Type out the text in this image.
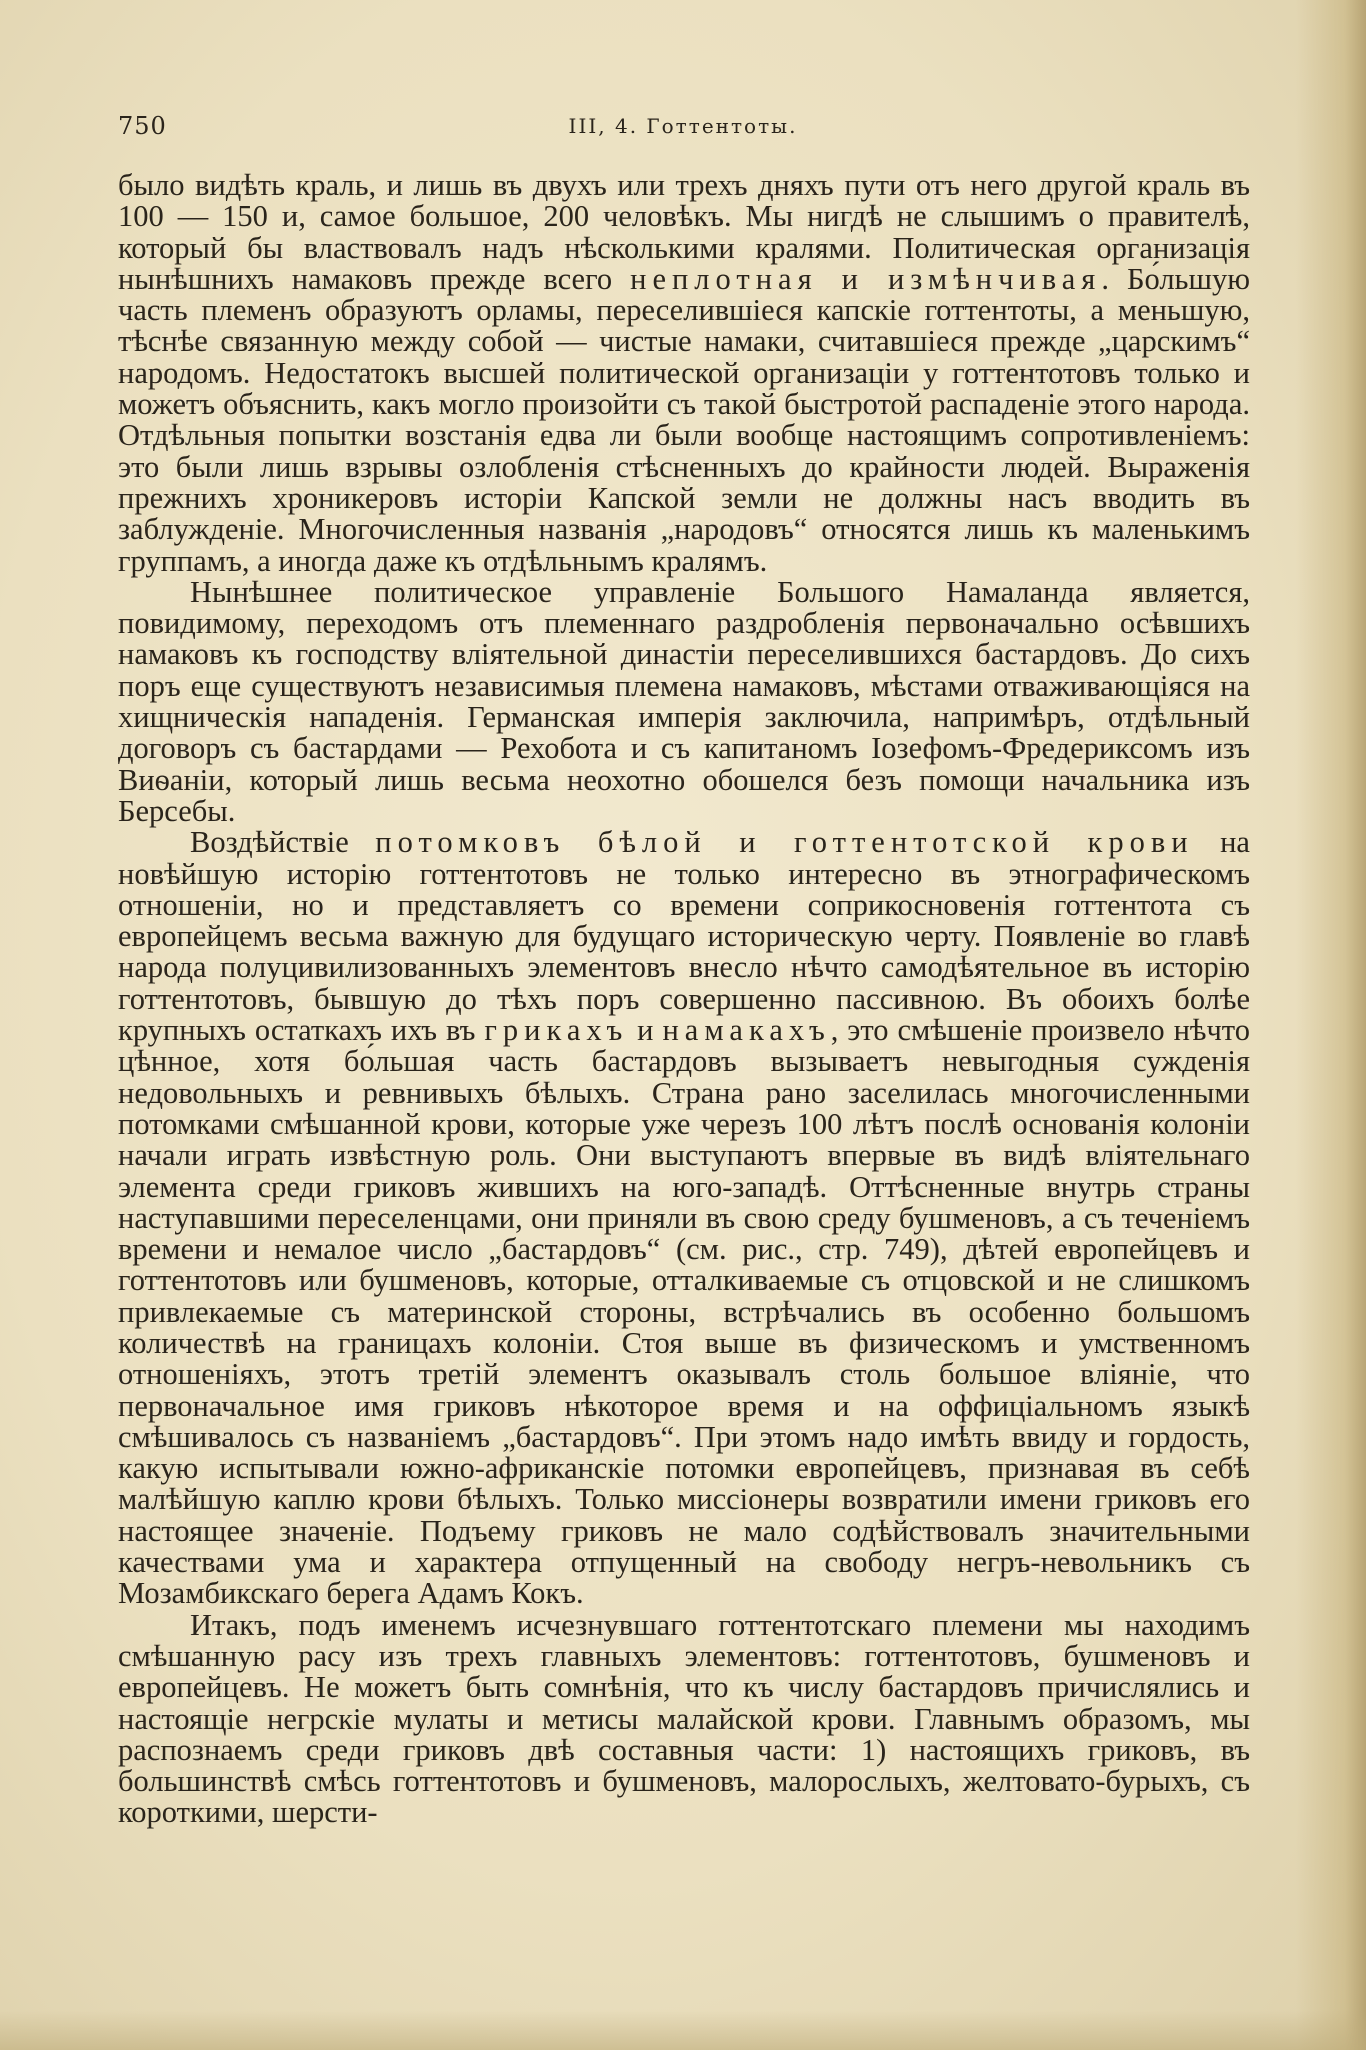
750	III, 4. Готтентоты.

было видѣть краль, и лишь въ двухъ или трехъ дняхъ пути отъ него другой краль въ 100 — 150 и, самое большое, 200 человѣкъ. Мы нигдѣ не слышимъ о правителѣ, который бы властвовалъ надъ нѣсколькими кралями. Политическая организація нынѣшнихъ намаковъ прежде всего неплотная и измѣнчивая. Бо́льшую часть племенъ образуютъ орламы, переселившіеся капскіе готтентоты, а меньшую, тѣснѣе связанную между собой — чистые намаки, считавшіеся прежде „царскимъ“ народомъ. Недостатокъ высшей политической организаціи у готтентотовъ только и можетъ объяснить, какъ могло произойти съ такой быстротой распаденіе этого народа. Отдѣльныя попытки возстанія едва ли были вообще настоящимъ сопротивленіемъ: это были лишь взрывы озлобленія стѣсненныхъ до крайности людей. Выраженія прежнихъ хроникеровъ исторіи Капской земли не должны насъ вводить въ заблужденіе. Многочисленныя названія „народовъ“ относятся лишь къ маленькимъ группамъ, а иногда даже къ отдѣльнымъ кралямъ.

Нынѣшнее политическое управленіе Большого Намаланда является, повидимому, переходомъ отъ племеннаго раздробленія первоначально осѣвшихъ намаковъ къ господству вліятельной династіи переселившихся бастардовъ. До сихъ поръ еще существуютъ независимыя племена намаковъ, мѣстами отваживающіяся на хищническія нападенія. Германская имперія заключила, напримѣръ, отдѣльный договоръ съ бастардами — Рехобота и съ капитаномъ Іозефомъ-Фредериксомъ изъ Виѳаніи, который лишь весьма неохотно обошелся безъ помощи начальника изъ Берсебы.

Воздѣйствіе потомковъ бѣлой и готтентотской крови на новѣйшую исторію готтентотовъ не только интересно въ этнографическомъ отношеніи, но и представляетъ со времени соприкосновенія готтентота съ европейцемъ весьма важную для будущаго историческую черту. Появленіе во главѣ народа полуцивилизованныхъ элементовъ внесло нѣчто самодѣятельное въ исторію готтентотовъ, бывшую до тѣхъ поръ совершенно пассивною. Въ обоихъ болѣе крупныхъ остаткахъ ихъ въ грикахъ и намакахъ, это смѣшеніе произвело нѣчто цѣнное, хотя бо́льшая часть бастардовъ вызываетъ невыгодныя сужденія недовольныхъ и ревнивыхъ бѣлыхъ. Страна рано заселилась многочисленными потомками смѣшанной крови, которые уже черезъ 100 лѣтъ послѣ основанія колоніи начали играть извѣстную роль. Они выступаютъ впервые въ видѣ вліятельнаго элемента среди гриковъ жившихъ на юго-западѣ. Оттѣсненные внутрь страны наступавшими переселенцами, они приняли въ свою среду бушменовъ, а съ теченіемъ времени и немалое число „бастардовъ“ (см. рис., стр. 749), дѣтей европейцевъ и готтентотовъ или бушменовъ, которые, отталкиваемые съ отцовской и не слишкомъ привлекаемые съ материнской стороны, встрѣчались въ особенно большомъ количествѣ на границахъ колоніи. Стоя выше въ физическомъ и умственномъ отношеніяхъ, этотъ третій элементъ оказывалъ столь большое вліяніе, что первоначальное имя гриковъ нѣкоторое время и на оффиціальномъ языкѣ смѣшивалось съ названіемъ „бастардовъ“. При этомъ надо имѣть ввиду и гордость, какую испытывали южно-африканскіе потомки европейцевъ, признавая въ себѣ малѣйшую каплю крови бѣлыхъ. Только миссіонеры возвратили имени гриковъ его настоящее значеніе. Подъему гриковъ не мало содѣйствовалъ значительными качествами ума и характера отпущенный на свободу негръ-невольникъ съ Мозамбикскаго берега Адамъ Кокъ.

Итакъ, подъ именемъ исчезнувшаго готтентотскаго племени мы находимъ смѣшанную расу изъ трехъ главныхъ элементовъ: готтентотовъ, бушменовъ и европейцевъ. Не можетъ быть сомнѣнія, что къ числу бастардовъ причислялись и настоящіе негрскіе мулаты и метисы малайской крови. Главнымъ образомъ, мы распознаемъ среди гриковъ двѣ составныя части: 1) настоящихъ гриковъ, въ большинствѣ смѣсь готтентотовъ и бушменовъ, малорослыхъ, желтовато-бурыхъ, съ короткими, шерсти-
